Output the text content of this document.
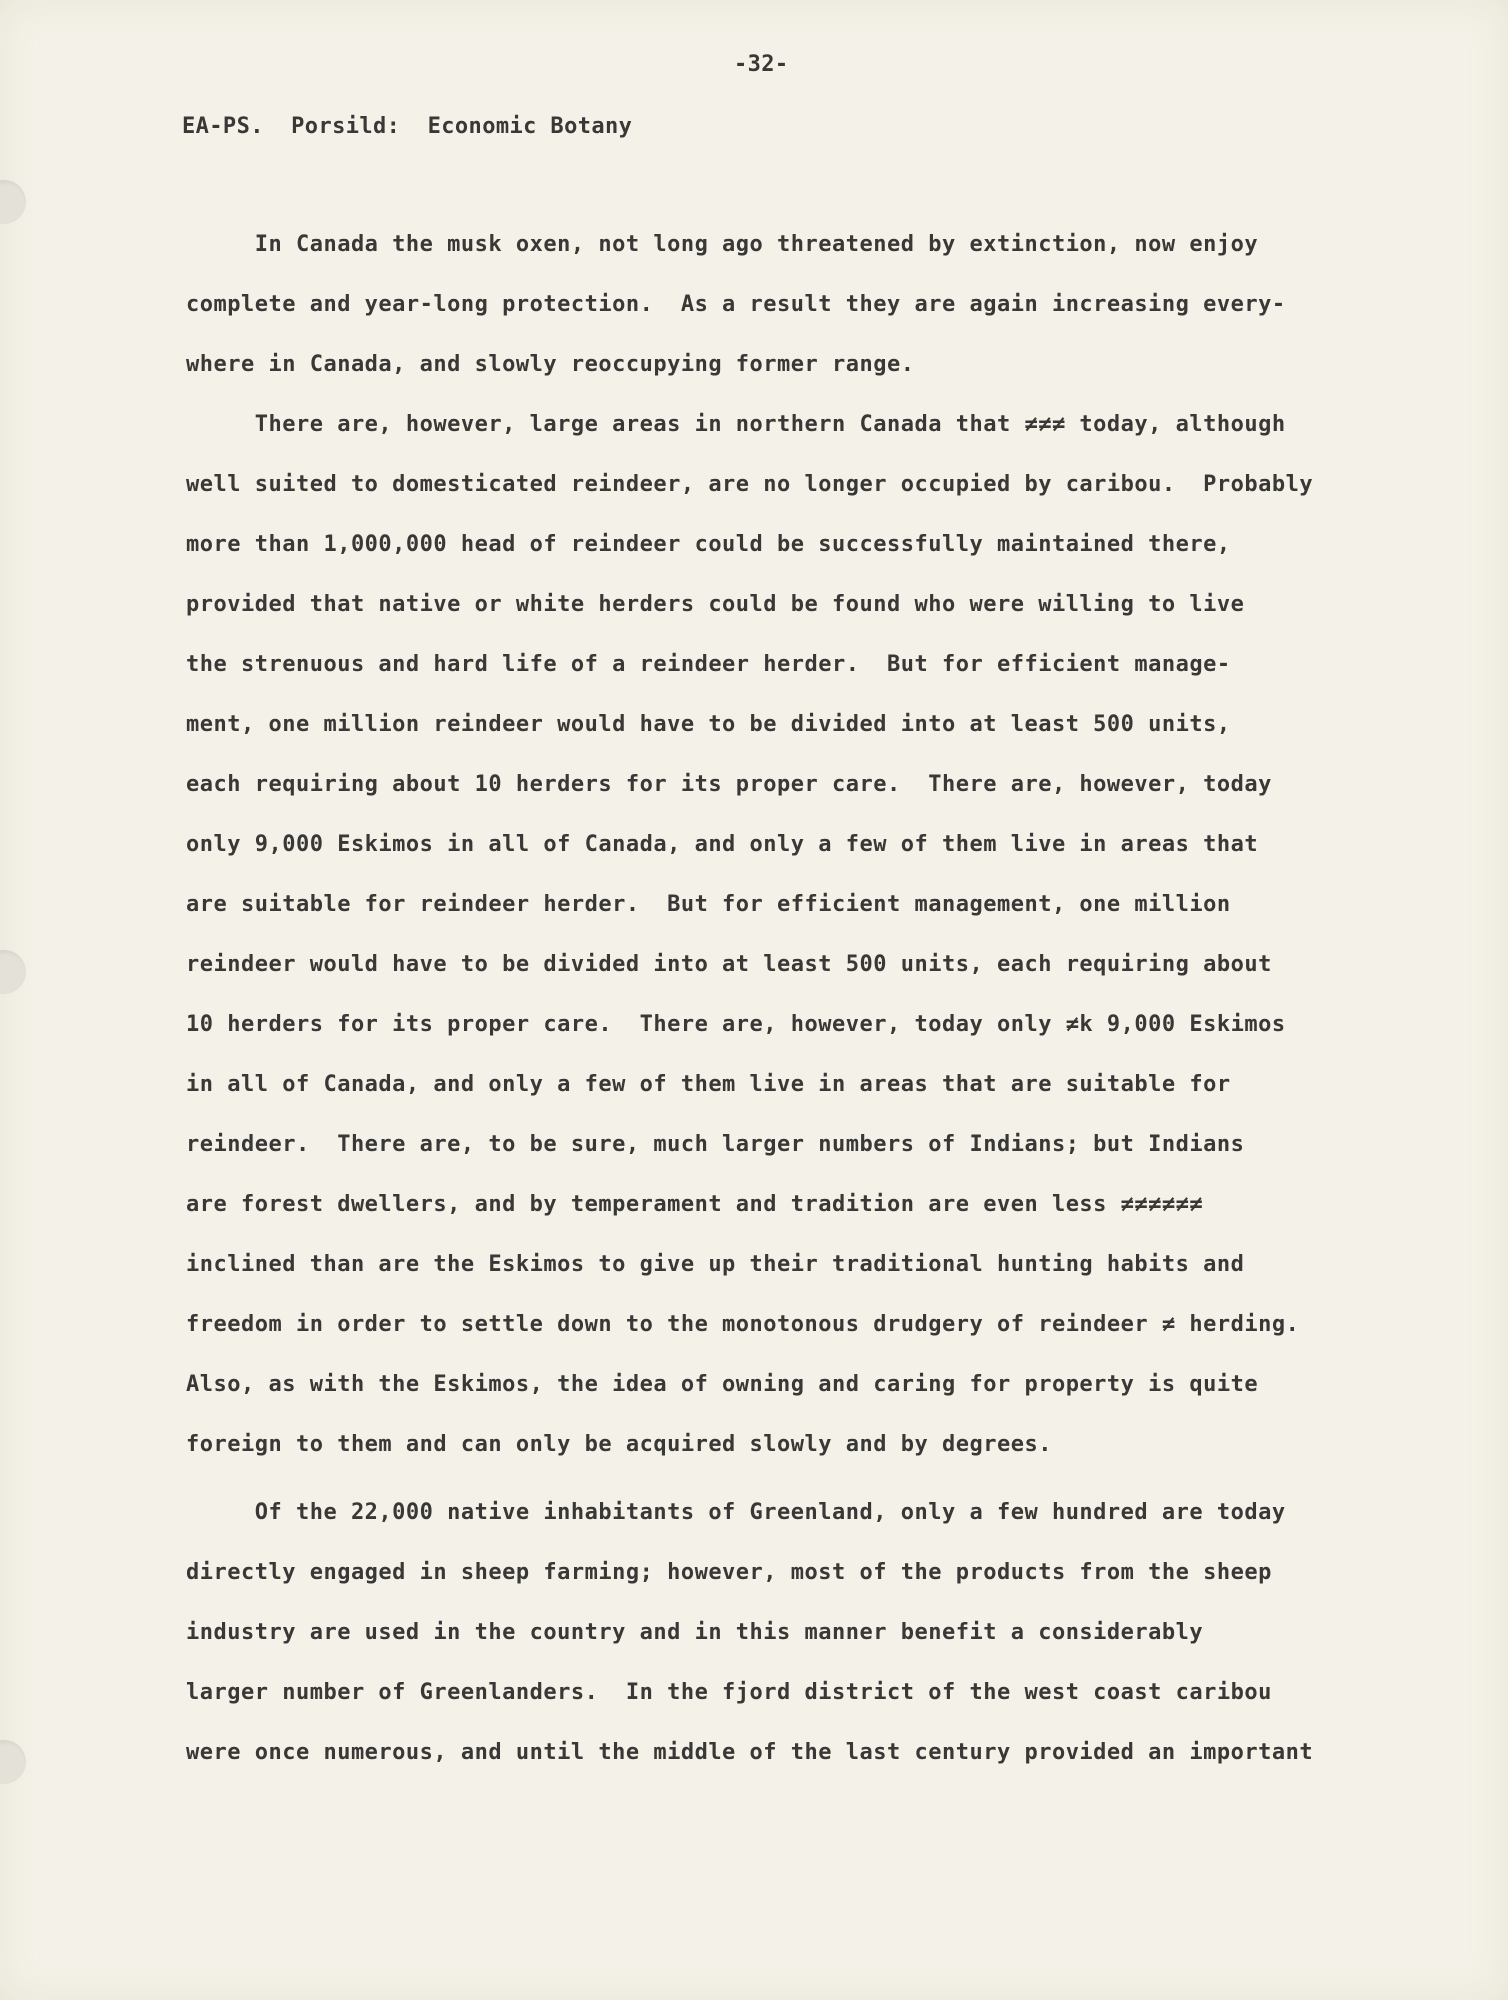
-32-
EA-PS.  Porsild:  Economic Botany
In Canada the musk oxen, not long ago threatened by extinction, now enjoy
complete and year-long protection.  As a result they are again increasing every-
where in Canada, and slowly reoccupying former range.
There are, however, large areas in northern Canada that ≠≠≠ today, although
well suited to domesticated reindeer, are no longer occupied by caribou.  Probably
more than 1,000,000 head of reindeer could be successfully maintained there,
provided that native or white herders could be found who were willing to live
the strenuous and hard life of a reindeer herder.  But for efficient manage-
ment, one million reindeer would have to be divided into at least 500 units,
each requiring about 10 herders for its proper care.  There are, however, today
only 9,000 Eskimos in all of Canada, and only a few of them live in areas that
are suitable for reindeer herder.  But for efficient management, one million
reindeer would have to be divided into at least 500 units, each requiring about
10 herders for its proper care.  There are, however, today only ≠k 9,000 Eskimos
in all of Canada, and only a few of them live in areas that are suitable for
reindeer.  There are, to be sure, much larger numbers of Indians; but Indians
are forest dwellers, and by temperament and tradition are even less ≠≠≠≠≠≠
inclined than are the Eskimos to give up their traditional hunting habits and
freedom in order to settle down to the monotonous drudgery of reindeer ≠ herding.
Also, as with the Eskimos, the idea of owning and caring for property is quite
foreign to them and can only be acquired slowly and by degrees.
Of the 22,000 native inhabitants of Greenland, only a few hundred are today
directly engaged in sheep farming; however, most of the products from the sheep
industry are used in the country and in this manner benefit a considerably
larger number of Greenlanders.  In the fjord district of the west coast caribou
were once numerous, and until the middle of the last century provided an important
